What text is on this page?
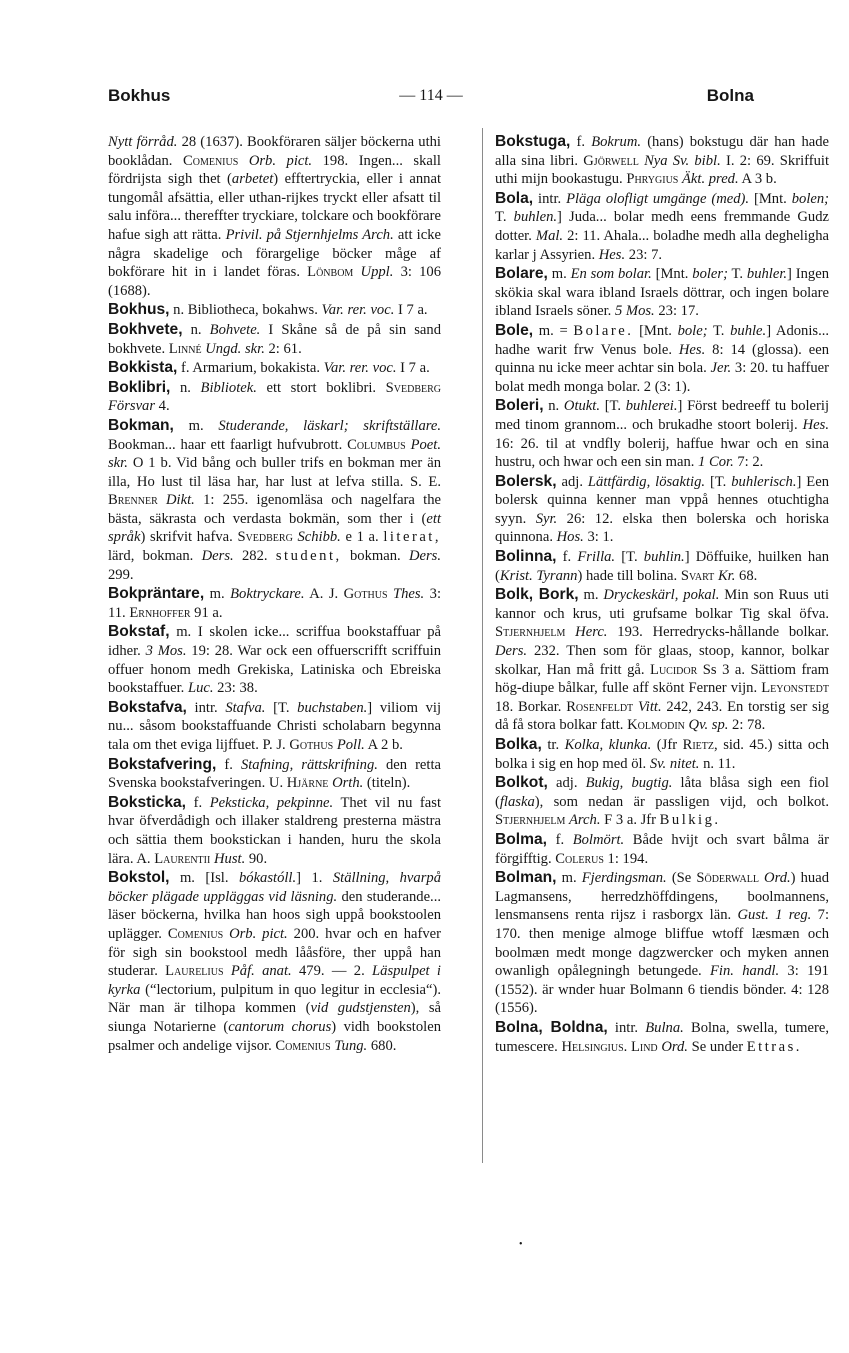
Bokhus	— 114 —	Bolna

Nytt förråd. 28 (1637). Bookföraren säljer böckerna uthi booklådan. Comenius Orb. pict. 198. Ingen... skall fördrijsta sigh thet (arbetet) efftertryckia, eller i annat tungomål afsättia, eller uthan-rijkes tryckt eller afsatt til salu införa... thereffter tryckiare, tolckare och bookförare hafue sigh att rätta. Privil. på Stjernhjelms Arch. att icke några skadelige och förargelige böcker måge af bokförare hit in i landet föras. Lönbom Uppl. 3: 106 (1688).

Bokhus, n. Bibliotheca, bokahws. Var. rer. voc. I 7 a.

Bokhvete, n. Bohvete. I Skåne så de på sin sand bokhvete. Linné Ungd. skr. 2: 61.

Bokkista, f. Armarium, bokakista. Var. rer. voc. I 7 a.

Boklibri, n. Bibliotek. ett stort boklibri. Svedberg Försvar 4.

Bokman, m. Studerande, läskarl; skriftställare. Bookman... haar ett faarligt hufvubrott. Columbus Poet. skr. O 1 b. Vid bång och buller trifs en bokman mer än illa, Ho lust til läsa har, har lust at lefva stilla. S. E. Brenner Dikt. 1: 255. igenomläsa och nagelfara the bästa, säkrasta och verdasta bokmän, som ther i (ett språk) skrifvit hafva. Svedberg Schibb. e 1 a. literat, lärd, bokman. Ders. 282. student, bokman. Ders. 299.

Bokpräntare, m. Boktryckare. A. J. Gothus Thes. 3: 11. Ernhoffer 91 a.

Bokstaf, m. I skolen icke... scriffua bookstaffuar på idher. 3 Mos. 19: 28. War ock een offuerscrifft scriffuin offuer honom medh Grekiska, Latiniska och Ebreiska bookstaffuer. Luc. 23: 38.

Bokstafva, intr. Stafva. [T. buchstaben.] viliom vij nu... såsom bookstaffuande Christi scholabarn begynna tala om thet eviga lijffuet. P. J. Gothus Poll. A 2 b.

Bokstafvering, f. Stafning, rättskrifning. den retta Svenska bookstafveringen. U. Hjärne Orth. (titeln).

Boksticka, f. Peksticka, pekpinne. Thet vil nu fast hvar öfverdådigh och illaker staldreng presterna mästra och sättia them bookstickan i handen, huru the skola lära. A. Laurentii Hust. 90.

Bokstol, m. [Isl. bókastóll.] 1. Ställning, hvarpå böcker plägade uppläggas vid läsning. den studerande... läser böckerna, hvilka han hoos sigh uppå bookstoolen uplägger. Comenius Orb. pict. 200. hvar och en hafver för sigh sin bookstool medh lååsföre, ther uppå han studerar. Laurelius Påf. anat. 479. — 2. Läspulpet i kyrka (“lectorium, pulpitum in quo legitur in ecclesia“). När man är tilhopa kommen (vid gudstjensten), så siunga Notarierne (cantorum chorus) vidh bookstolen psalmer och andelige vijsor. Comenius Tung. 680.

Bokstuga, f. Bokrum. (hans) bokstugu där han hade alla sina libri. Gjörwell Nya Sv. bibl. I. 2: 69. Skriffuit uthi mijn bookastugu. Phrygius Äkt. pred. A 3 b.

Bola, intr. Pläga olofligt umgänge (med). [Mnt. bolen; T. buhlen.] Juda... bolar medh eens fremmande Gudz dotter. Mal. 2: 11. Ahala... boladhe medh alla degheligha karlar j Assyrien. Hes. 23: 7.

Bolare, m. En som bolar. [Mnt. boler; T. buhler.] Ingen skökia skal wara ibland Israels döttrar, och ingen bolare ibland Israels söner. 5 Mos. 23: 17.

Bole, m. = Bolare. [Mnt. bole; T. buhle.] Adonis... hadhe warit frw Venus bole. Hes. 8: 14 (glossa). een quinna nu icke meer achtar sin bola. Jer. 3: 20. tu haffuer bolat medh monga bolar. 2 (3: 1).

Boleri, n. Otukt. [T. buhlerei.] Först bedreeff tu bolerij med tinom grannom... och brukadhe stoort bolerij. Hes. 16: 26. til at vndfly bolerij, haffue hwar och en sina hustru, och hwar och een sin man. 1 Cor. 7: 2.

Bolersk, adj. Lättfärdig, lösaktig. [T. buhlerisch.] Een bolersk quinna kenner man vppå hennes otuchtigha syyn. Syr. 26: 12. elska then bolerska och horiska quinnona. Hos. 3: 1.

Bolinna, f. Frilla. [T. buhlin.] Döffuike, huilken han (Krist. Tyrann) hade till bolina. Svart Kr. 68.

Bolk, Bork, m. Dryckeskärl, pokal. Min son Ruus uti kannor och krus, uti grufsame bolkar Tig skal öfva. Stjernhjelm Herc. 193. Herredrycks-hållande bolkar. Ders. 232. Then som för glaas, stoop, kannor, bolkar skolkar, Han må fritt gå. Lucidor Ss 3 a. Sättiom fram hög-diupe bålkar, fulle aff skönt Ferner vijn. Leyonstedt 18. Borkar. Rosenfeldt Vitt. 242, 243. En torstig ser sig då få stora bolkar fatt. Kolmodin Qv. sp. 2: 78.

Bolka, tr. Kolka, klunka. (Jfr Rietz, sid. 45.) sitta och bolka i sig en hop med öl. Sv. nitet. n. 11.

Bolkot, adj. Bukig, bugtig. låta blåsa sigh een fiol (flaska), som nedan är passligen vijd, och bolkot. Stjernhjelm Arch. F 3 a. Jfr Bulkig.

Bolma, f. Bolmört. Både hvijt och svart bålma är förgifftig. Colerus 1: 194.

Bolman, m. Fjerdingsman. (Se Söderwall Ord.) huad Lagmansens, herredzhöffdingens, boolmannens, lensmansens renta rijsz i rasborgx län. Gust. 1 reg. 7: 170. then menige almoge bliffue wtoff læsmæn och boolmæn medt monge dagzwercker och myken annen owanligh opålegningh betungede. Fin. handl. 3: 191 (1552). är wnder huar Bolmann 6 tiendis bönder. 4: 128 (1556).

Bolna, Boldna, intr. Bulna. Bolna, swella, tumere, tumescere. Helsingius. Lind Ord. Se under Ettras.

•
